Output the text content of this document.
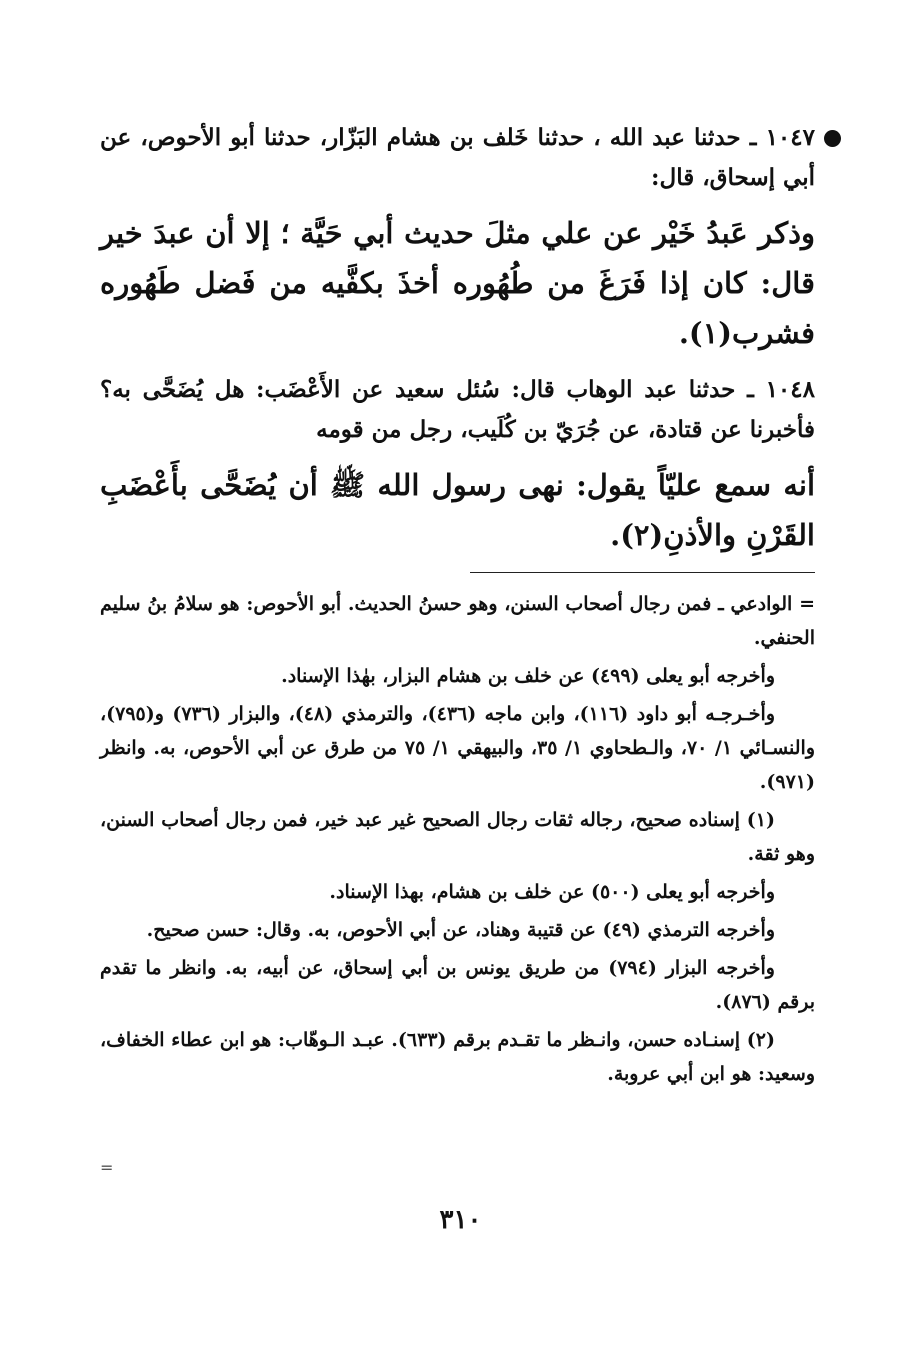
١٠٤٧ ـ حدثنا عبد الله ، حدثنا خَلف بن هشام البَزّار، حدثنا أبو الأحوص، عن أبي إسحاق، قال:
وذكر عَبدُ خَيْر عن علي مثلَ حديث أبي حَيَّة ؛ إلا أن عبدَ خير قال: كان إذا فَرَغَ من طُهُوره أخذَ بكفَّيه من فَضل طَهُوره فشرب(١).
١٠٤٨ ـ حدثنا عبد الوهاب قال: سُئل سعيد عن الأَعْضَب: هل يُضَحَّى به؟ فأخبرنا عن قتادة، عن جُرَيّ بن كُلَيب، رجل من قومه
أنه سمع عليّاً يقول: نهى رسول الله ﷺ أن يُضَحَّى بأَعْضَبِ القَرْنِ والأذنِ(٢).

= الوادعي ـ فمن رجال أصحاب السنن، وهو حسنُ الحديث. أبو الأحوص: هو سلامُ بنُ سليم الحنفي.

وأخرجه أبو يعلى (٤٩٩) عن خلف بن هشام البزار، بهٰذا الإسناد.

وأخـرجـه أبو داود (١١٦)، وابن ماجه (٤٣٦)، والترمذي (٤٨)، والبزار (٧٣٦) و(٧٩٥)، والنسـائي ١/ ٧٠، والـطحاوي ١/ ٣٥، والبيهقي ١/ ٧٥ من طرق عن أبي الأحوص، به. وانظر (٩٧١).

(١) إسناده صحيح، رجاله ثقات رجال الصحيح غير عبد خير، فمن رجال أصحاب السنن، وهو ثقة.

وأخرجه أبو يعلى (٥٠٠) عن خلف بن هشام، بهذا الإسناد.

وأخرجه الترمذي (٤٩) عن قتيبة وهناد، عن أبي الأحوص، به. وقال: حسن صحيح.

وأخرجه البزار (٧٩٤) من طريق يونس بن أبي إسحاق، عن أبيه، به. وانظر ما تقدم برقم (٨٧٦).

(٢) إسنـاده حسن، وانـظر ما تقـدم برقم (٦٣٣). عبـد الـوهّاب: هو ابن عطاء الخفاف، وسعيد: هو ابن أبي عروبة.

=
٣١٠
